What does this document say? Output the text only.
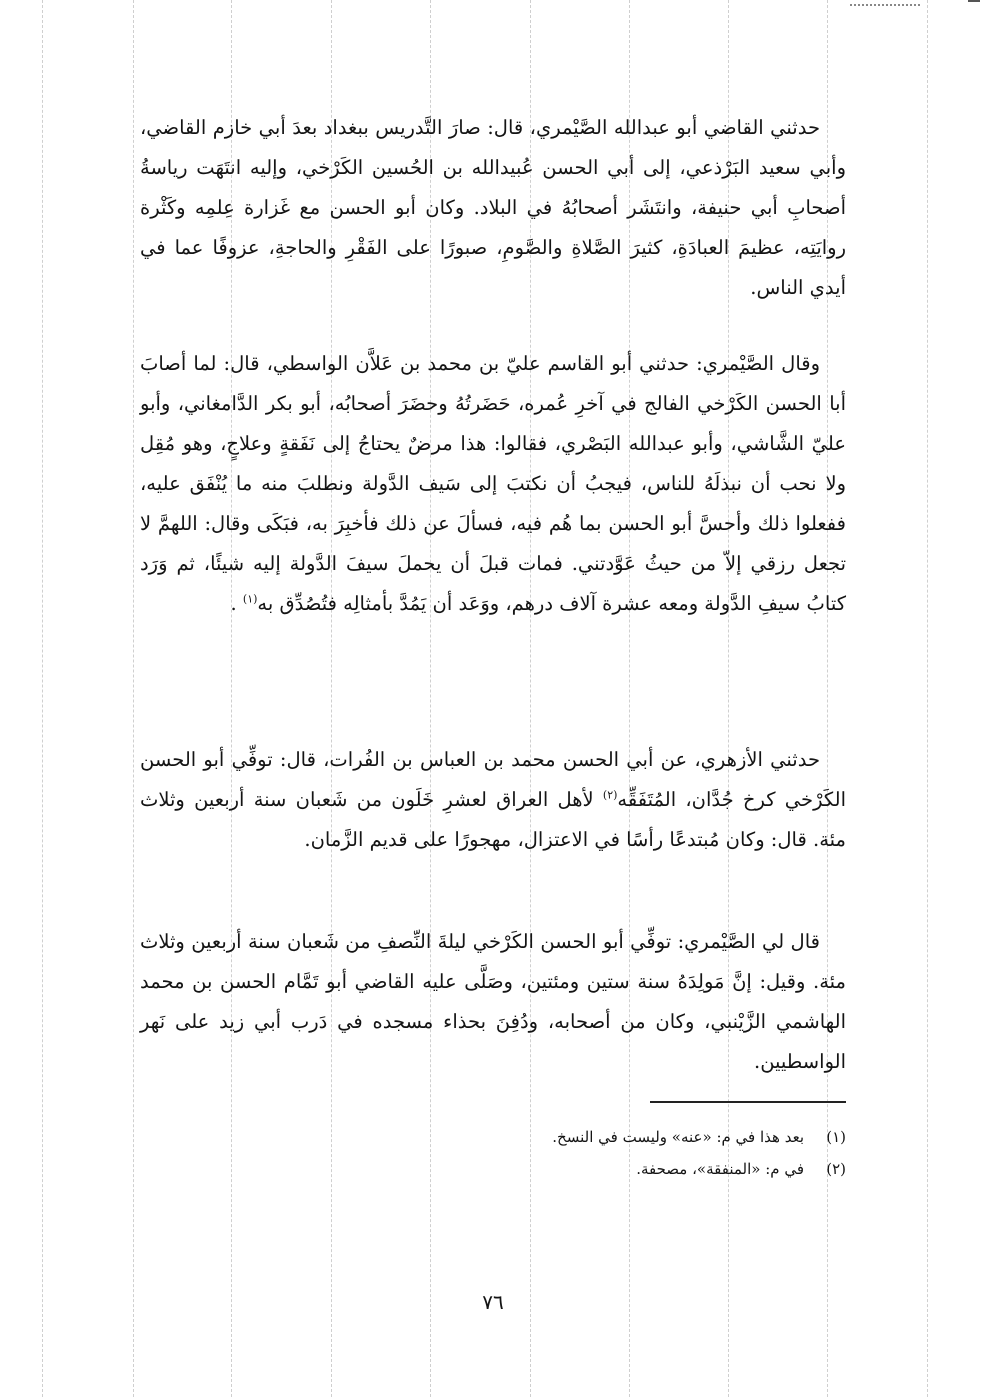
حدثني القاضي أبو عبدالله الصَّيْمري، قال: صارَ التَّدريس ببغداد بعدَ أبي خازم القاضي، وأبي سعيد البَرْذعي، إلى أبي الحسن عُبيدالله بن الحُسين الكَرْخي، وإليه انتَهَت رياسةُ أصحابِ أبي حنيفة، وانتَشَر أصحابُهُ في البلاد. وكان أبو الحسن مع غَزارة عِلمِه وكَثْرة روايَتِه، عظيمَ العبادَةِ، كثيرَ الصَّلاةِ والصَّومِ، صبورًا على الفَقْرِ والحاجةِ، عزوفًا عما في أيدي الناس.

وقال الصَّيْمري: حدثني أبو القاسم عليّ بن محمد بن عَلاَّن الواسطي، قال: لما أصابَ أبا الحسن الكَرْخي الفالج في آخرِ عُمره، حَضَرتُهُ وحضَرَ أصحابُه، أبو بكر الدَّامغاني، وأبو عليّ الشَّاشي، وأبو عبدالله البَصْري، فقالوا: هذا مرضٌ يحتاجُ إلى نَفَقةٍ وعلاجٍ، وهو مُقِل ولا نحب أن نبذلَهُ للناس، فيجبُ أن نكتبَ إلى سَيف الدَّولة ونطلبَ منه ما يُنْفَق عليه، ففعلوا ذلك وأحسَّ أبو الحسن بما هُم فيه، فسألَ عن ذلك فأخبِرَ به، فبَكَى وقال: اللهمَّ لا تجعل رزقي إلاّ من حيثُ عَوَّدتني. فمات قبلَ أن يحملَ سيفَ الدَّولة إليه شيئًا، ثم وَرَد كتابُ سيفِ الدَّولة ومعه عشرة آلاف درهم، ووَعَد أن يَمُدَّ بأمثالِه فتُصُدِّق به$^{(١)}$ .

حدثني الأزهري، عن أبي الحسن محمد بن العباس بن الفُرات، قال: توفِّي أبو الحسن الكَرْخي كرخ جُدَّان، المُتَفَقِّه$^{(٢)}$ لأهل العراق لعشرِ خَلَون من شَعبان سنة أربعين وثلاث مئة. قال: وكان مُبتدعًا رأسًا في الاعتزال، مهجورًا على قديم الزَّمان.

قال لي الصَّيْمري: توفِّي أبو الحسن الكَرْخي ليلةَ النِّصفِ من شَعبان سنة أربعين وثلاث مئة. وقيل: إنَّ مَولِدَهُ سنة ستين ومئتين، وصَلَّى عليه القاضي أبو تَمَّام الحسن بن محمد الهاشمي الزَّيْنبي، وكان من أصحابه، ودُفِنَ بحذاء مسجده في دَرب أبي زيد على نَهر الواسطيين.

(١)بعد هذا في م: «عنه» وليست في النسخ.

(٢)في م: «المنفقة»، مصحفة.

٧٦
